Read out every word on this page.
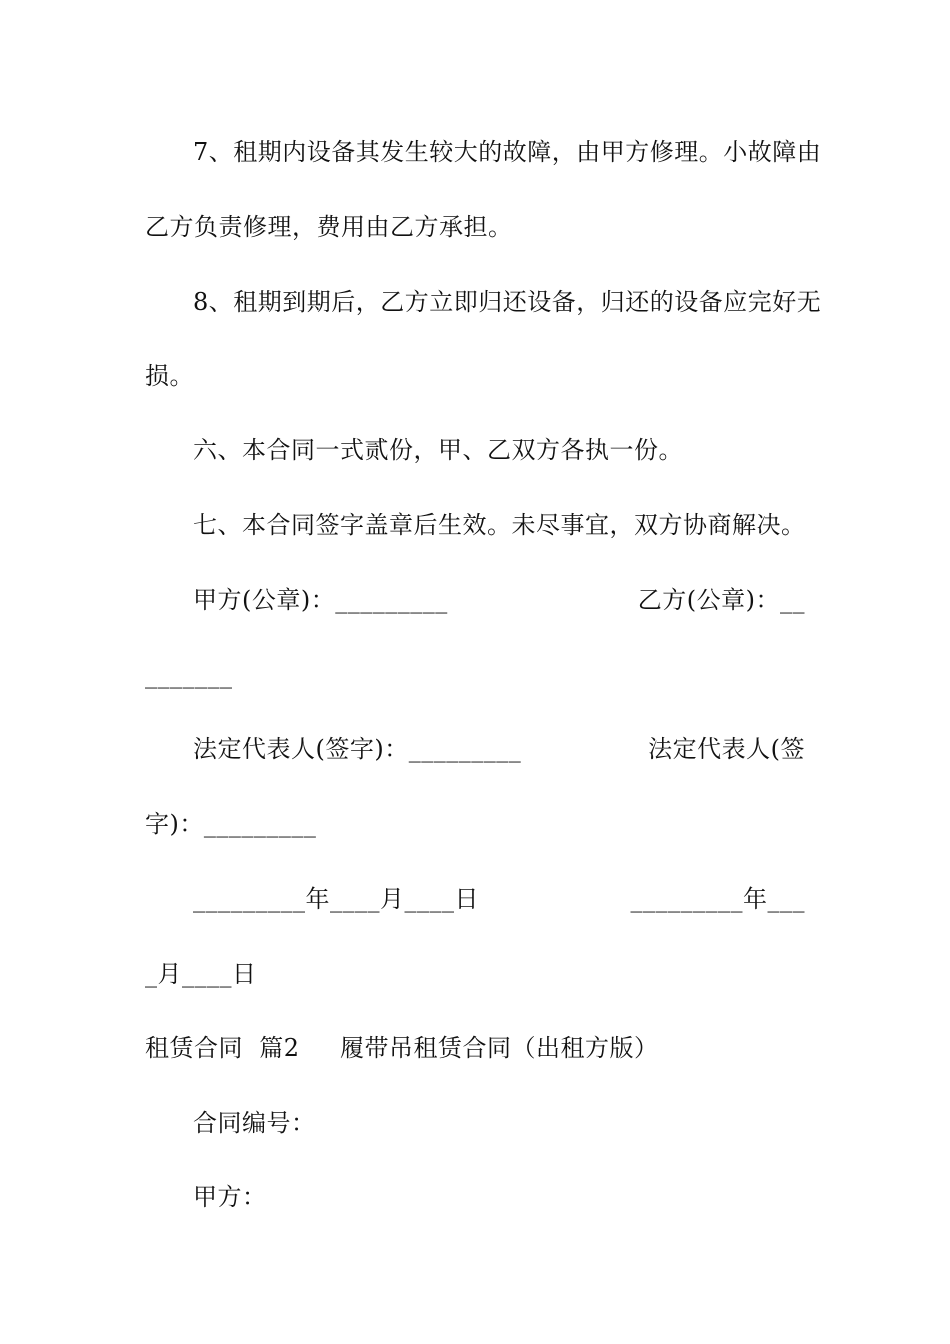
7、租期内设备其发生较大的故障，由甲方修理。小故障由
乙方负责修理，费用由乙方承担。
8、租期到期后，乙方立即归还设备，归还的设备应完好无
损。
六、本合同一式贰份，甲、乙双方各执一份。
七、本合同签字盖章后生效。未尽事宜，双方协商解决。
甲方(公章)：_________	乙方(公章)：__
_______
法定代表人(签字)：_________	法定代表人(签
字)：_________
_________年____月____日	_________年___
_月____日
租赁合同  篇2 履带吊租赁合同（出租方版）
合同编号：
甲方：
